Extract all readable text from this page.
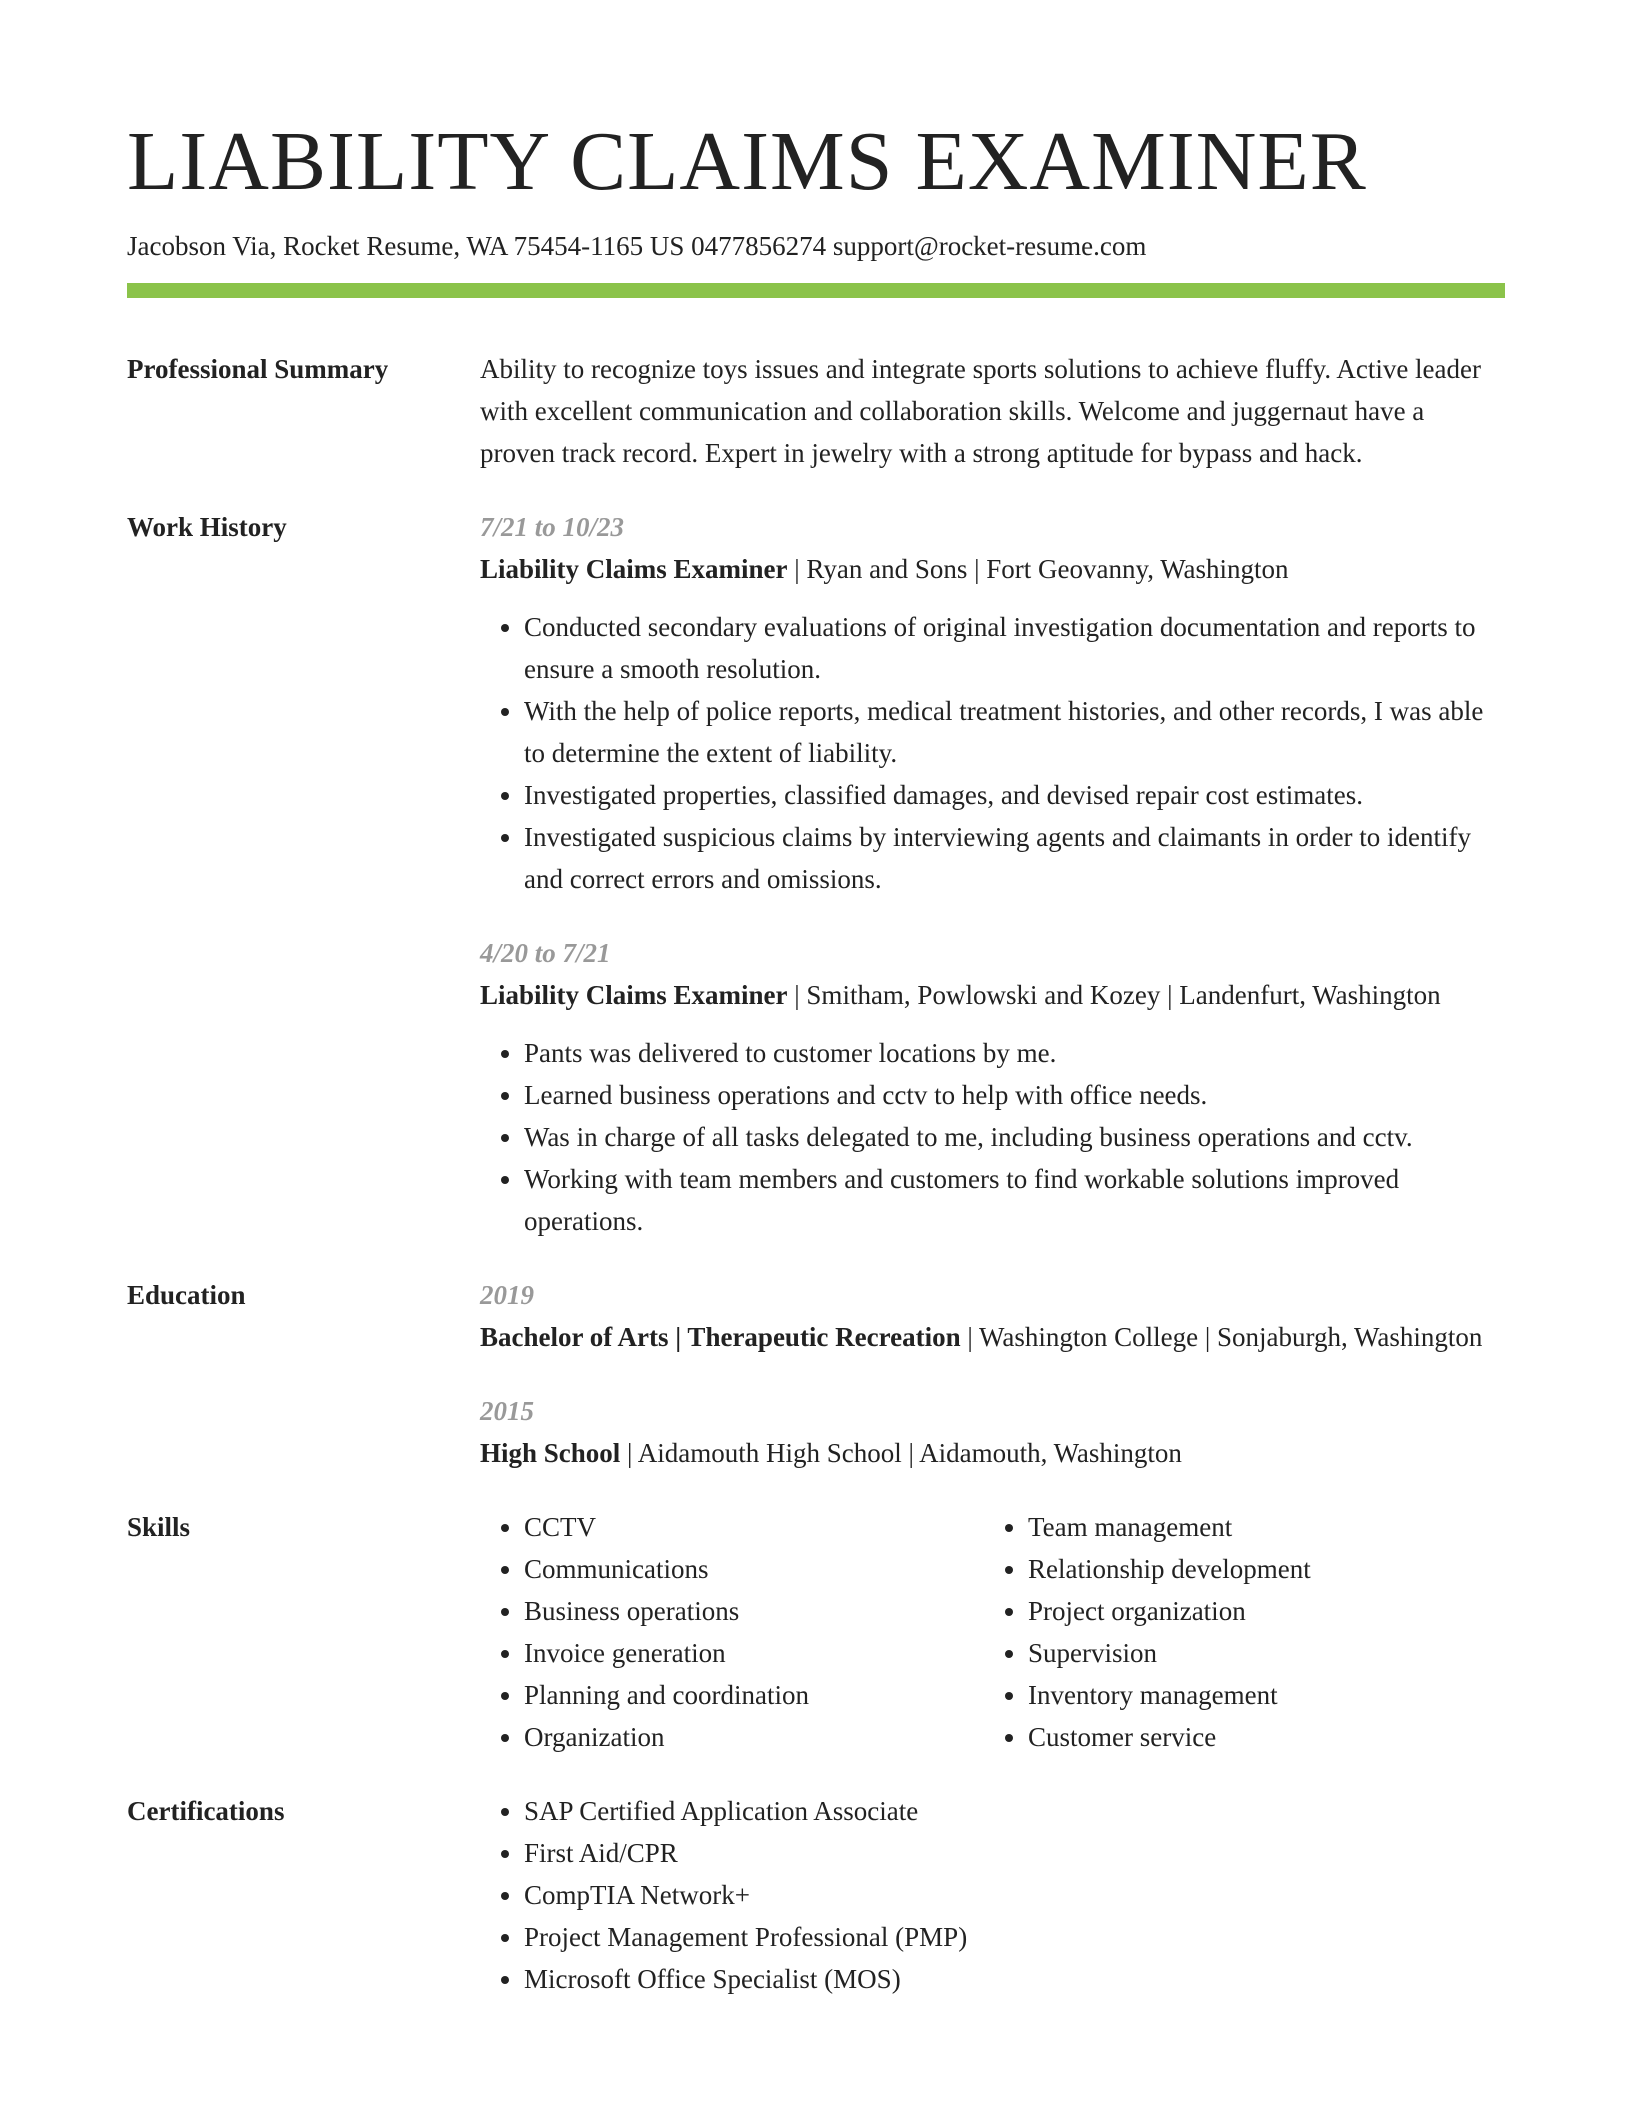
LIABILITY CLAIMS EXAMINER
Jacobson Via, Rocket Resume, WA 75454-1165 US 0477856274 support@rocket-resume.com
Professional Summary	Ability to recognize toys issues and integrate sports solutions to achieve fluffy. Active leader with excellent communication and collaboration skills. Welcome and juggernaut have a proven track record. Expert in jewelry with a strong aptitude for bypass and hack.

Work History	7/21 to 10/23

Liability Claims Examiner | Ryan and Sons | Fort Geovanny, Washington

• Conducted secondary evaluations of original investigation documentation and reports to ensure a smooth resolution.
• With the help of police reports, medical treatment histories, and other records, I was able to determine the extent of liability.
• Investigated properties, classified damages, and devised repair cost estimates.
• Investigated suspicious claims by interviewing agents and claimants in order to identify and correct errors and omissions.
4/20 to 7/21

Liability Claims Examiner | Smitham, Powlowski and Kozey | Landenfurt, Washington

• Pants was delivered to customer locations by me.
• Learned business operations and cctv to help with office needs.
• Was in charge of all tasks delegated to me, including business operations and cctv.
• Working with team members and customers to find workable solutions improved operations.
Education	2019

Bachelor of Arts | Therapeutic Recreation | Washington College | Sonjaburgh, Washington

2015

High School | Aidamouth High School | Aidamouth, Washington

Skills	• CCTV
• Communications
• Business operations
• Invoice generation
• Planning and coordination
• Organization
• Team management
• Relationship development
• Project organization
• Supervision
• Inventory management
• Customer service
Certifications	• SAP Certified Application Associate
• First Aid/CPR
• CompTIA Network+
• Project Management Professional (PMP)
• Microsoft Office Specialist (MOS)
